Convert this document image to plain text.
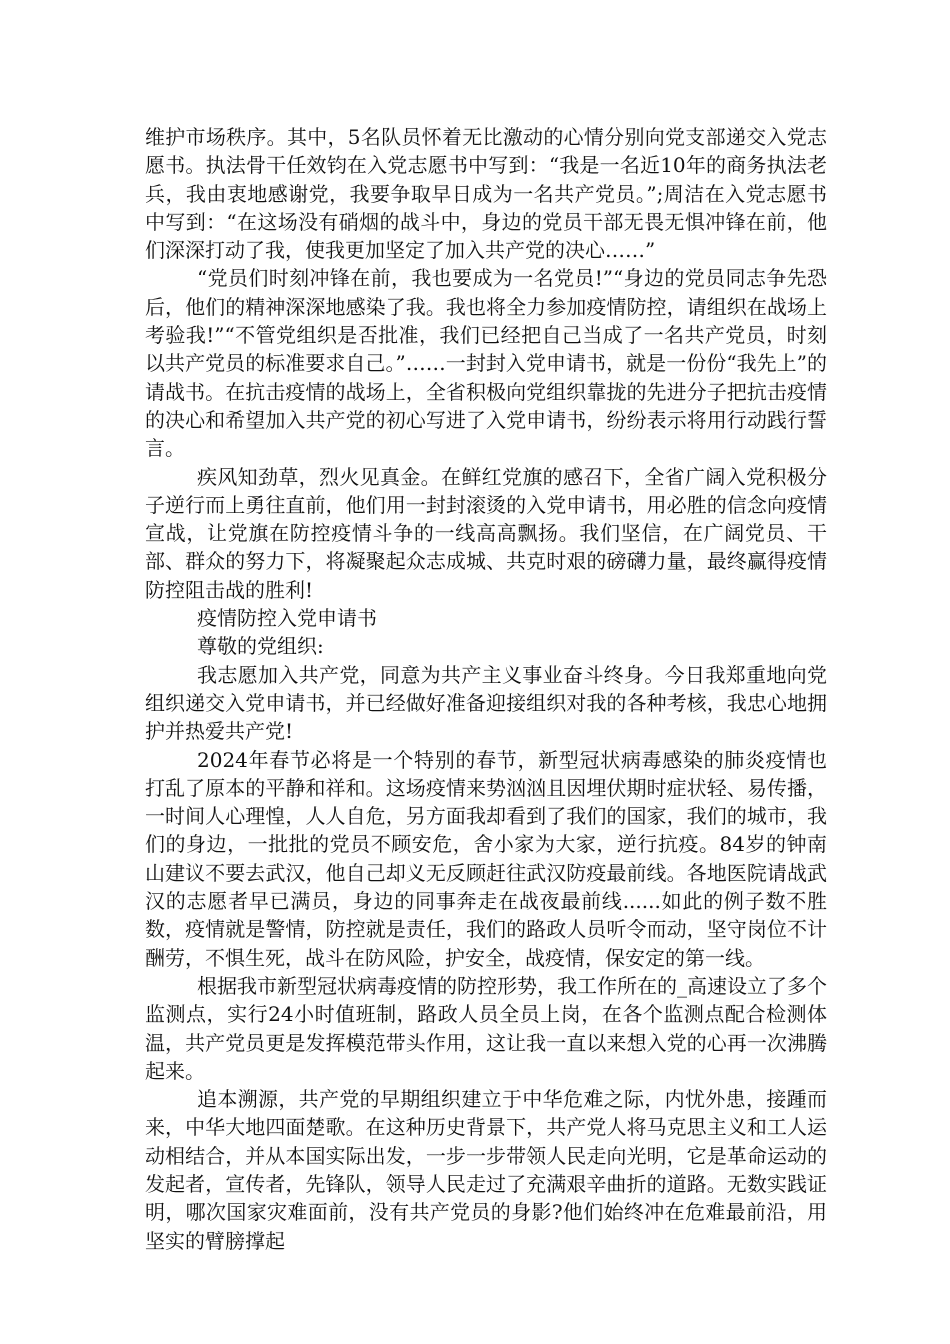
维护市场秩序。其中，5名队员怀着无比激动的心情分别向党支部递交入党志愿书。执法骨干任效钧在入党志愿书中写到：“我是一名近10年的商务执法老兵，我由衷地感谢党，我要争取早日成为一名共产党员。”;周洁在入党志愿书中写到：“在这场没有硝烟的战斗中，身边的党员干部无畏无惧冲锋在前，他们深深打动了我，使我更加坚定了加入共产党的决心……”

“党员们时刻冲锋在前，我也要成为一名党员!”“身边的党员同志争先恐后，他们的精神深深地感染了我。我也将全力参加疫情防控，请组织在战场上考验我!”“不管党组织是否批准，我们已经把自己当成了一名共产党员，时刻以共产党员的标准要求自己。”……一封封入党申请书，就是一份份“我先上”的请战书。在抗击疫情的战场上，全省积极向党组织靠拢的先进分子把抗击疫情的决心和希望加入共产党的初心写进了入党申请书，纷纷表示将用行动践行誓言。

疾风知劲草，烈火见真金。在鲜红党旗的感召下，全省广阔入党积极分子逆行而上勇往直前，他们用一封封滚烫的入党申请书，用必胜的信念向疫情宣战，让党旗在防控疫情斗争的一线高高飘扬。我们坚信，在广阔党员、干部、群众的努力下，将凝聚起众志成城、共克时艰的磅礴力量，最终赢得疫情防控阻击战的胜利!

疫情防控入党申请书

尊敬的党组织:

我志愿加入共产党，同意为共产主义事业奋斗终身。今日我郑重地向党组织递交入党申请书，并已经做好准备迎接组织对我的各种考核，我忠心地拥护并热爱共产党!

2024年春节必将是一个特别的春节，新型冠状病毒感染的肺炎疫情也打乱了原本的平静和祥和。这场疫情来势汹汹且因埋伏期时症状轻、易传播，一时间人心理惶，人人自危，另方面我却看到了我们的国家，我们的城市，我们的身边，一批批的党员不顾安危，舍小家为大家，逆行抗疫。84岁的钟南山建议不要去武汉，他自己却义无反顾赶往武汉防疫最前线。各地医院请战武汉的志愿者早已满员，身边的同事奔走在战夜最前线......如此的例子数不胜数，疫情就是警情，防控就是责任，我们的路政人员听令而动，坚守岗位不计酬劳，不惧生死，战斗在防风险，护安全，战疫情，保安定的第一线。

根据我市新型冠状病毒疫情的防控形势，我工作所在的_高速设立了多个监测点，实行24小时值班制，路政人员全员上岗，在各个监测点配合检测体温，共产党员更是发挥模范带头作用，这让我一直以来想入党的心再一次沸腾起来。

追本溯源，共产党的早期组织建立于中华危难之际，内忧外患，接踵而来，中华大地四面楚歌。在这种历史背景下，共产党人将马克思主义和工人运动相结合，并从本国实际出发，一步一步带领人民走向光明，它是革命运动的发起者，宣传者，先锋队，领导人民走过了充满艰辛曲折的道路。无数实践证明，哪次国家灾难面前，没有共产党员的身影?他们始终冲在危难最前沿，用坚实的臂膀撑起
